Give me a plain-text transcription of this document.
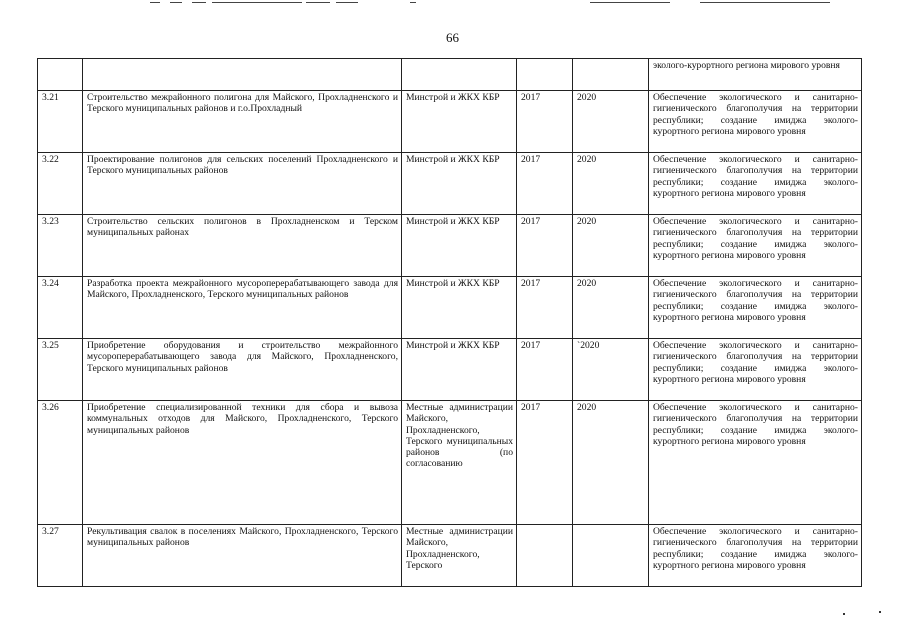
66
					эколого-курортного региона мирового уровня
3.21	Строительство межрайонного полигона для Майского, Прохладненского и Терского муниципальных районов и г.о.Прохладный	Минстрой и ЖКХ КБР	2017	2020	Обеспечение экологического и санитарно-гигиенического благополучия на территории республики; создание имиджа эколого-курортного региона мирового уровня
3.22	Проектирование полигонов для сельских поселений Прохладненского и Терского муниципальных районов	Минстрой и ЖКХ КБР	2017	2020	Обеспечение экологического и санитарно-гигиенического благополучия на территории республики; создание имиджа эколого-курортного региона мирового уровня
3.23	Строительство сельских полигонов в Прохладненском и Терском муниципальных районах	Минстрой и ЖКХ КБР	2017	2020	Обеспечение экологического и санитарно-гигиенического благополучия на территории республики; создание имиджа эколого-курортного региона мирового уровня
3.24	Разработка проекта межрайонного мусороперерабатывающего завода для Майского, Прохладненского, Терского муниципальных районов	Минстрой и ЖКХ КБР	2017	2020	Обеспечение экологического и санитарно-гигиенического благополучия на территории республики; создание имиджа эколого-курортного региона мирового уровня
3.25	Приобретение оборудования и строительство межрайонного мусороперерабатывающего завода для Майского, Прохладненского, Терского муниципальных районов	Минстрой и ЖКХ КБР	2017	`2020	Обеспечение экологического и санитарно-гигиенического благополучия на территории республики; создание имиджа эколого-курортного региона мирового уровня
3.26	Приобретение специализированной техники для сбора и вывоза коммунальных отходов для Майского, Прохладненского, Терского муниципальных районов	Местные администрации Майского, Прохладненского, Терского муниципальных районов (по согласованию	2017	2020	Обеспечение экологического и санитарно-гигиенического благополучия на территории республики; создание имиджа эколого-курортного региона мирового уровня
3.27	Рекультивация свалок в поселениях Майского, Прохладненского, Терского муниципальных районов	Местные администрации Майского, Прохладненского, Терского			Обеспечение экологического и санитарно-гигиенического благополучия на территории республики; создание имиджа эколого-курортного региона мирового уровня
